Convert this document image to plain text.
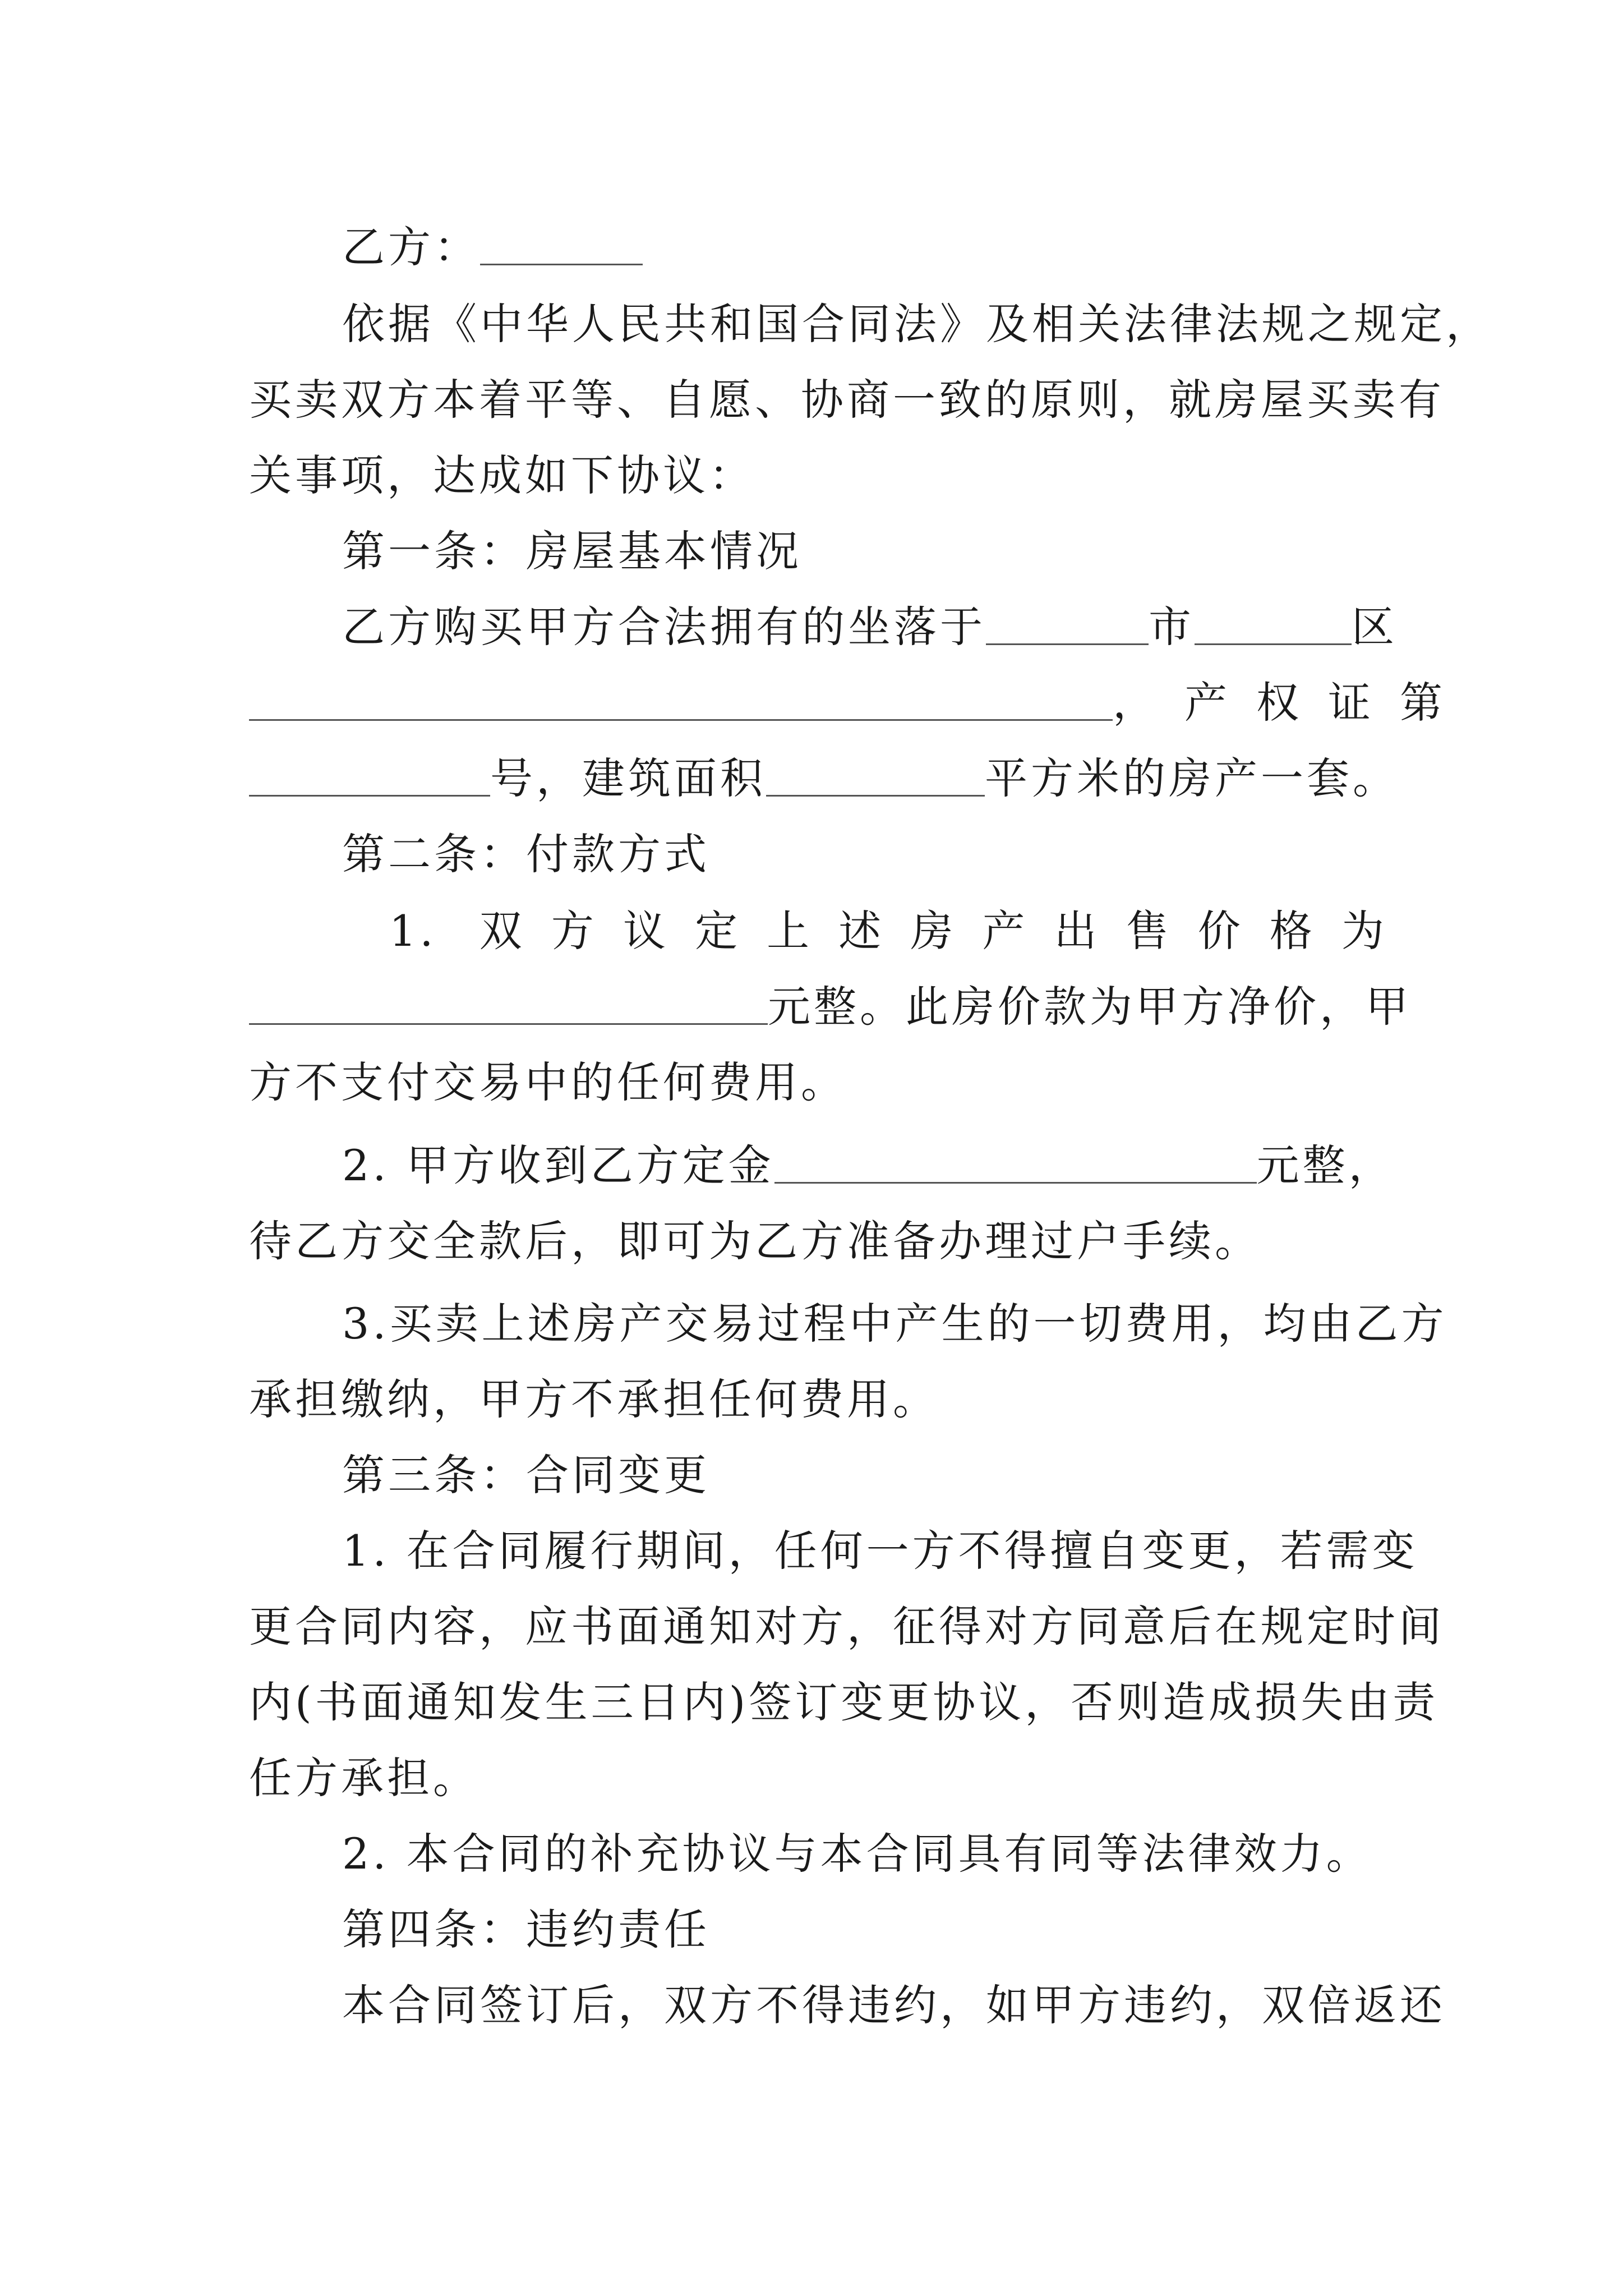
乙方：
依据《中华人民共和国合同法》及相关法律法规之规定，
买卖双方本着平等、自愿、协商一致的原则，就房屋买卖有
关事项，达成如下协议：
第一条：房屋基本情况
乙方购买甲方合法拥有的坐落于	市	区
，产权证第
号，建筑面积	平方米的房产一套。
第二条：付款方式
1. 双方议定上述房产出售价格为
元整。此房价款为甲方净价，甲
方不支付交易中的任何费用。
2. 甲方收到乙方定金	元整，
待乙方交全款后，即可为乙方准备办理过户手续。
3.买卖上述房产交易过程中产生的一切费用，均由乙方
承担缴纳，甲方不承担任何费用。
第三条：合同变更
1. 在合同履行期间，任何一方不得擅自变更，若需变
更合同内容，应书面通知对方，征得对方同意后在规定时间
内(书面通知发生三日内)签订变更协议，否则造成损失由责
任方承担。
2. 本合同的补充协议与本合同具有同等法律效力。
第四条：违约责任
本合同签订后，双方不得违约，如甲方违约，双倍返还
